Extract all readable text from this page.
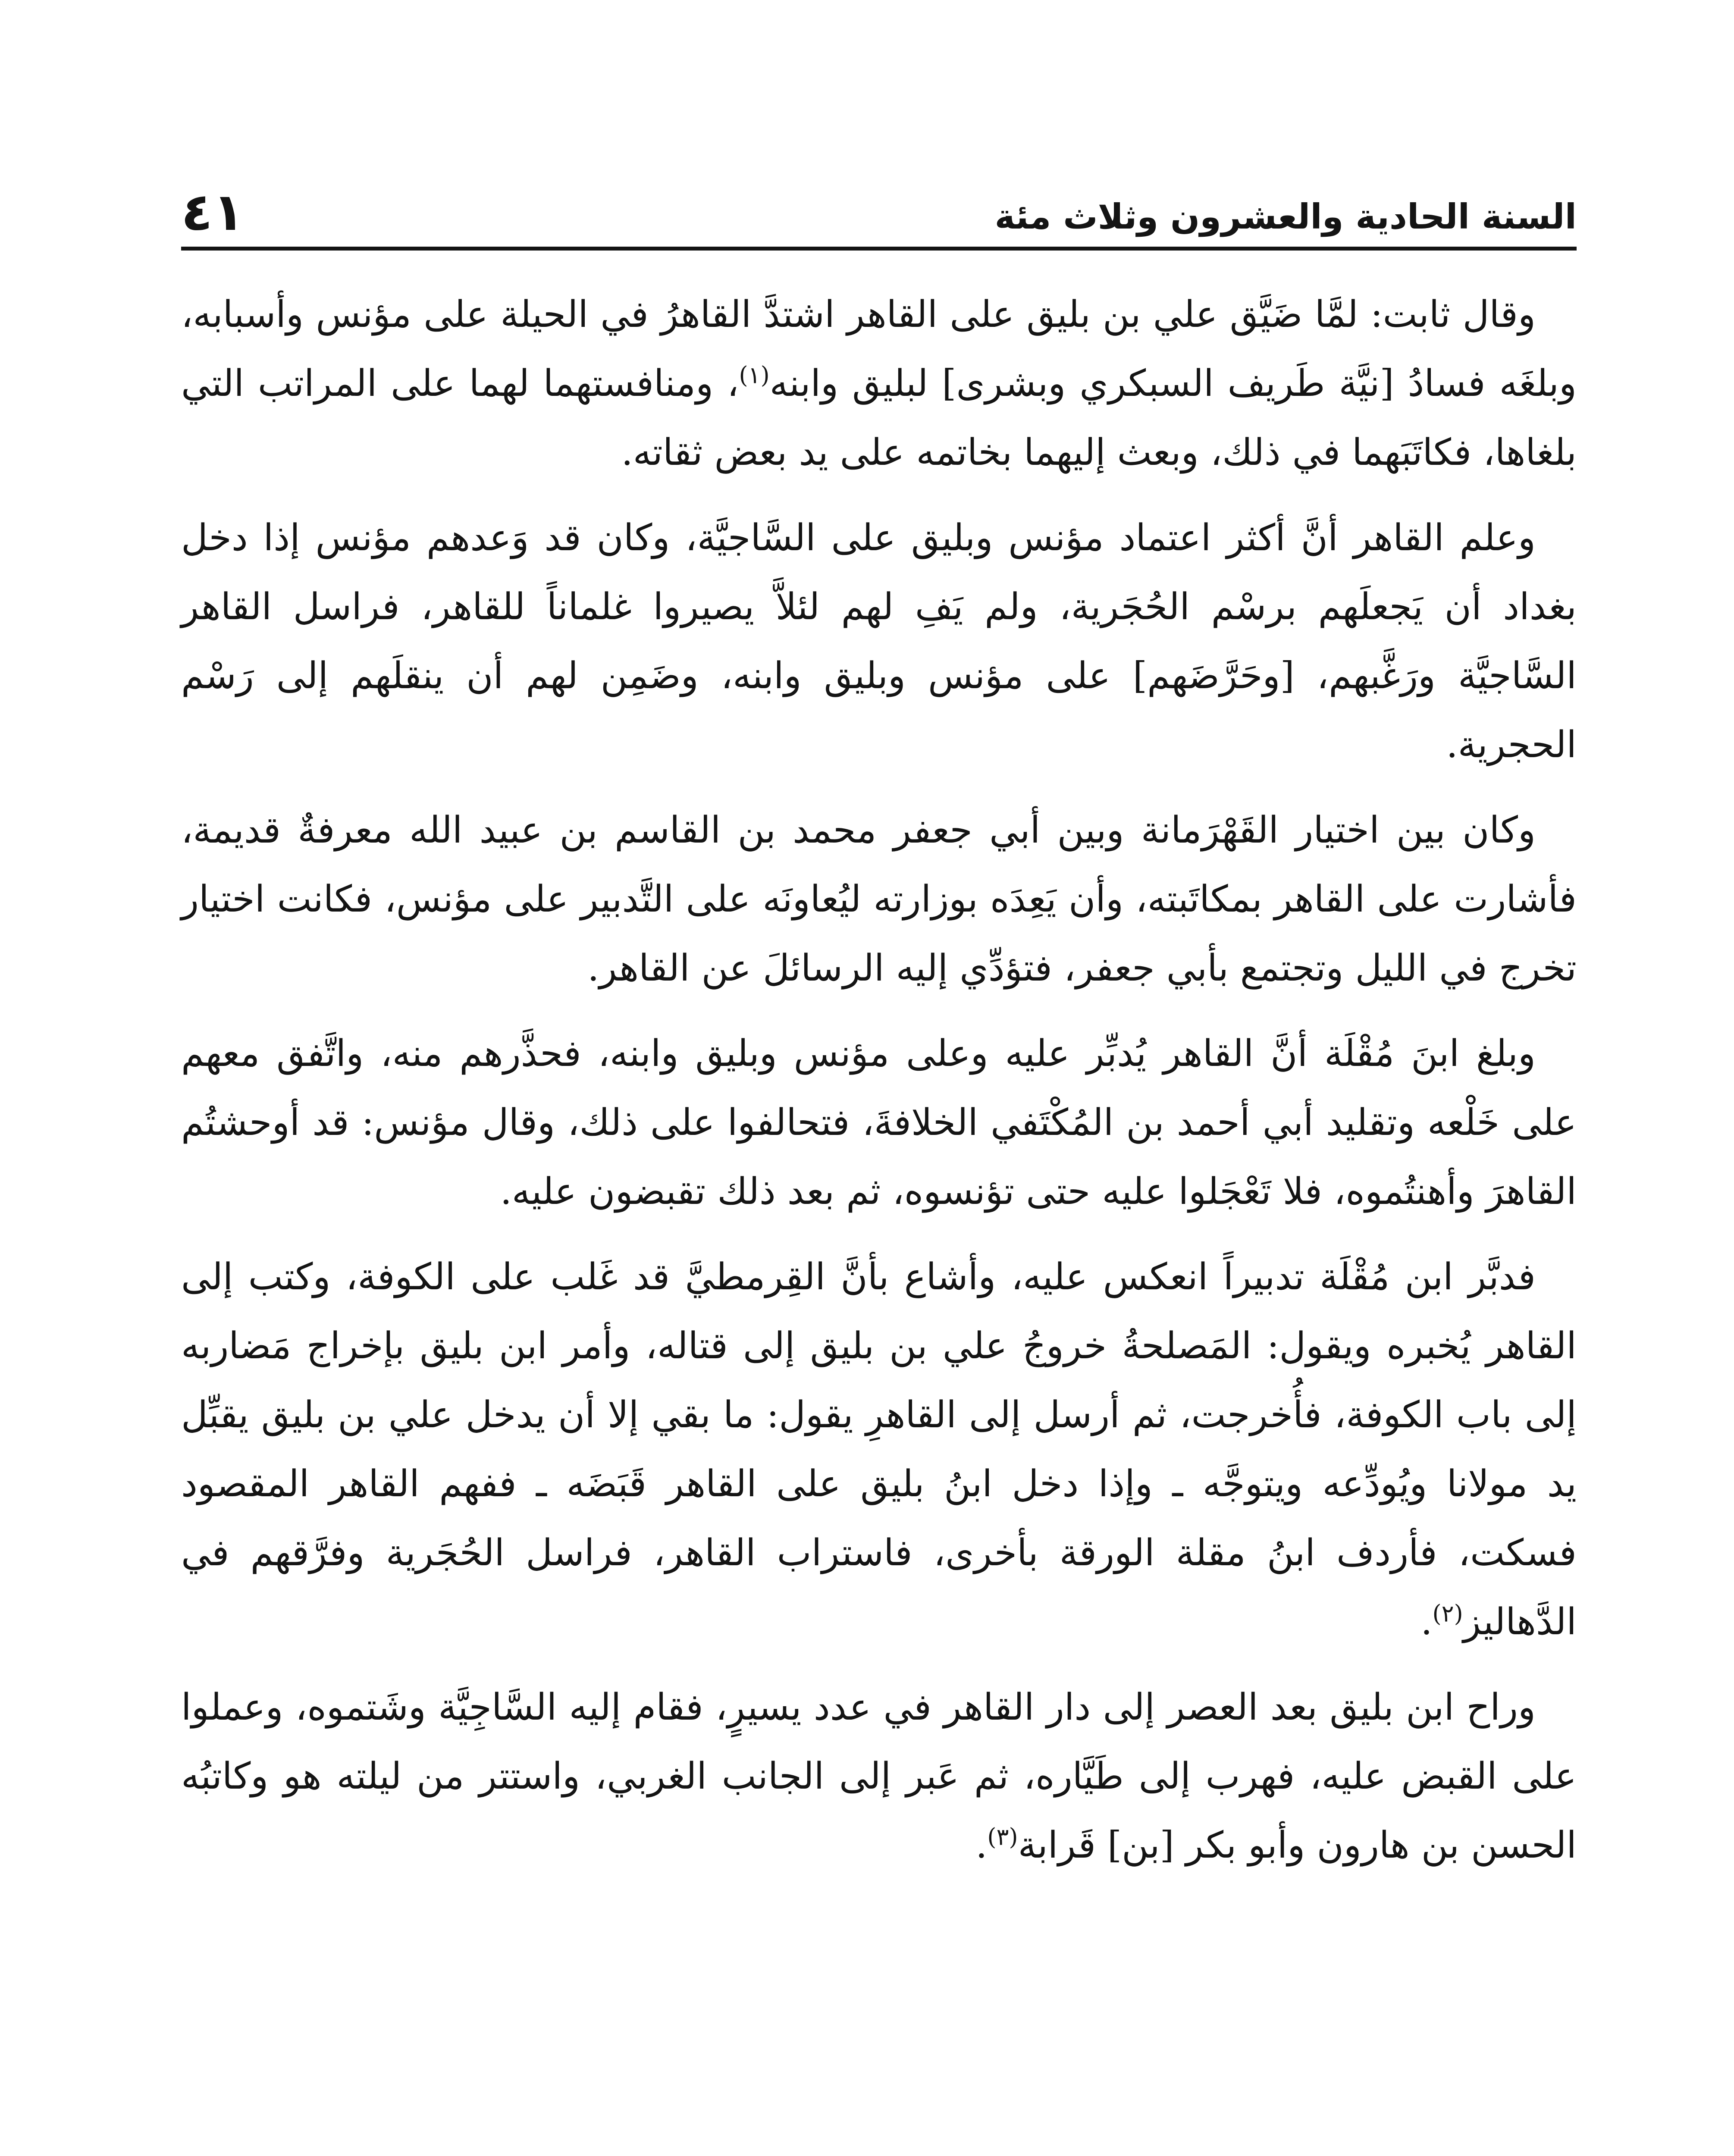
السنة الحادية والعشرون وثلاث مئة
٤١

وقال ثابت: لمَّا ضَيَّق علي بن بليق على القاهر اشتدَّ القاهرُ في الحيلة على مؤنس وأسبابه، وبلغَه فسادُ [نيَّة طَريف السبكري وبشرى] لبليق وابنه$^{(١)}$، ومنافستهما لهما على المراتب التي بلغاها، فكاتَبَهما في ذلك، وبعث إليهما بخاتمه على يد بعض ثقاته.

وعلم القاهر أنَّ أكثر اعتماد مؤنس وبليق على السَّاجيَّة، وكان قد وَعدهم مؤنس إذا دخل بغداد أن يَجعلَهم برسْم الحُجَرية، ولم يَفِ لهم لئلاَّ يصيروا غلماناً للقاهر، فراسل القاهر السَّاجيَّة ورَغَّبهم، [وحَرَّضَهم] على مؤنس وبليق وابنه، وضَمِن لهم أن ينقلَهم إلى رَسْم الحجرية.

وكان بين اختيار القَهْرَمانة وبين أبي جعفر محمد بن القاسم بن عبيد الله معرفةٌ قديمة، فأشارت على القاهر بمكاتَبته، وأن يَعِدَه بوزارته ليُعاونَه على التَّدبير على مؤنس، فكانت اختيار تخرج في الليل وتجتمع بأبي جعفر، فتؤدِّي إليه الرسائلَ عن القاهر.

وبلغ ابنَ مُقْلَة أنَّ القاهر يُدبِّر عليه وعلى مؤنس وبليق وابنه، فحذَّرهم منه، واتَّفق معهم على خَلْعه وتقليد أبي أحمد بن المُكْتَفي الخلافةَ، فتحالفوا على ذلك، وقال مؤنس: قد أوحشتُم القاهرَ وأهنتُموه، فلا تَعْجَلوا عليه حتى تؤنسوه، ثم بعد ذلك تقبضون عليه.

فدبَّر ابن مُقْلَة تدبيراً انعكس عليه، وأشاع بأنَّ القِرمطيَّ قد غَلب على الكوفة، وكتب إلى القاهر يُخبره ويقول: المَصلحةُ خروجُ علي بن بليق إلى قتاله، وأمر ابن بليق بإخراج مَضاربه إلى باب الكوفة، فأُخرجت، ثم أرسل إلى القاهرِ يقول: ما بقي إلا أن يدخل علي بن بليق يقبِّل يد مولانا ويُودِّعه ويتوجَّه ـ وإذا دخل ابنُ بليق على القاهر قَبَضَه ـ ففهم القاهر المقصود فسكت، فأردف ابنُ مقلة الورقة بأخرى، فاستراب القاهر، فراسل الحُجَرية وفرَّقهم في الدَّهاليز$^{(٢)}$.

وراح ابن بليق بعد العصر إلى دار القاهر في عدد يسيرٍ، فقام إليه السَّاجِيَّة وشَتموه، وعملوا على القبض عليه، فهرب إلى طَيَّاره، ثم عَبر إلى الجانب الغربي، واستتر من ليلته هو وكاتبُه الحسن بن هارون وأبو بكر [بن] قَرابة$^{(٣)}$.
